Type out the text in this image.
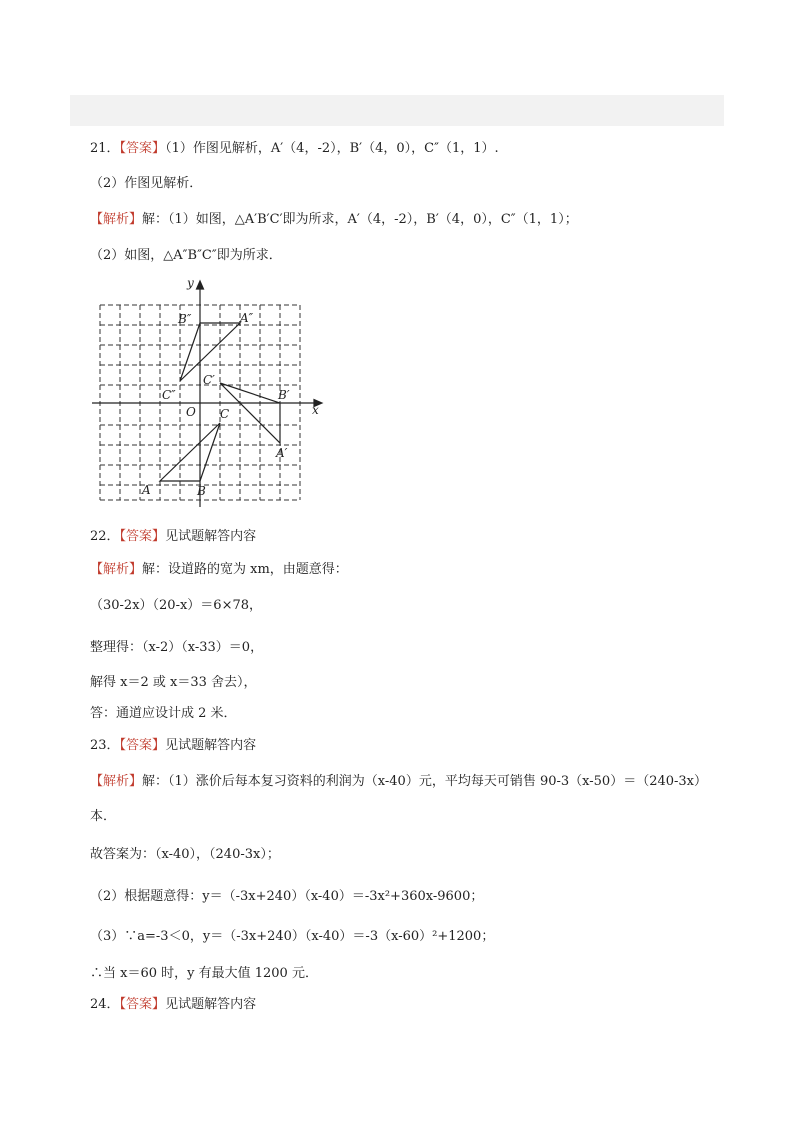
21．【答案】（1）作图见解析，A′（4，-2），B′（4，0），C″（1，1）.
（2）作图见解析．
【解析】解：（1）如图，△A′B′C′即为所求，A′（4，-2），B′（4，0），C″（1，1）；
（2）如图，△A″B″C″即为所求．
y
x
O
A	B
C
A′
B′
C′
A″
B″
C″
22．【答案】见试题解答内容
【解析】解：设道路的宽为 xm，由题意得：
（30-2x）（20-x）＝6×78，
整理得：（x-2）（x-33）＝0，
解得 x＝2 或 x＝33 舍去），
答：通道应设计成 2 米．
23．【答案】见试题解答内容
【解析】解：（1）涨价后每本复习资料的利润为（x-40）元，平均每天可销售 90-3（x-50）＝（240-3x）
本．
故答案为：（x-40），（240-3x）；
（2）根据题意得：y＝（-3x+240）（x-40）＝-3x²+360x-9600；
（3）∵a=-3＜0，y＝（-3x+240）（x-40）＝-3（x-60）²+1200；
∴当 x＝60 时，y 有最大值 1200 元．
24．【答案】见试题解答内容
